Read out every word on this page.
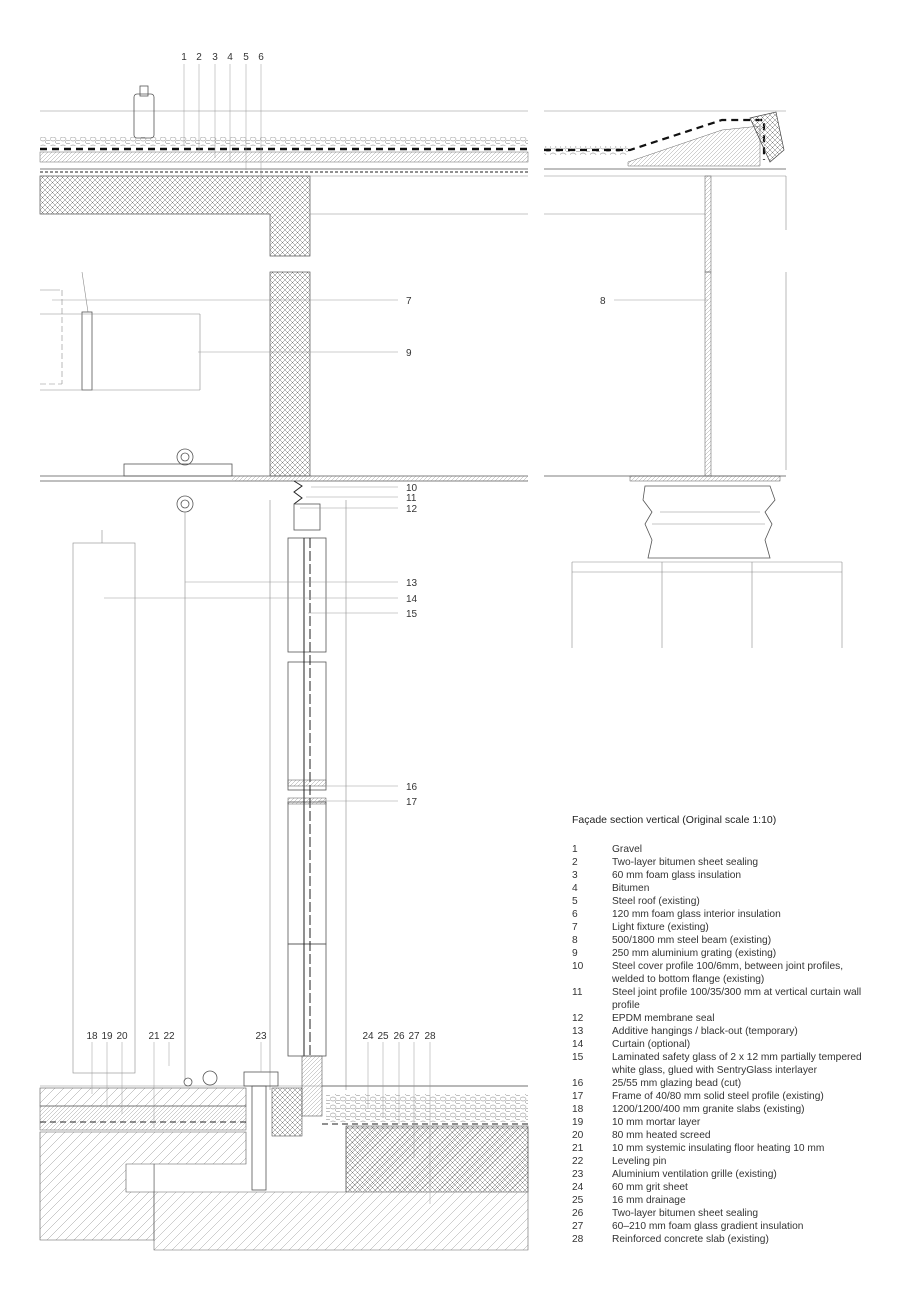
1 2 3 4 5 6
7
9
10
11
12
13
14
15
16
17
8
18 19 20 21 22	23	24 25 26 27 28
Façade section vertical (Original scale 1:10)
1	Gravel
2	Two-layer bitumen sheet sealing
3	60 mm foam glass insulation
4	Bitumen
5	Steel roof (existing)
6	120 mm foam glass interior insulation
7	Light fixture (existing)
8	500/1800 mm steel beam (existing)
9	250 mm aluminium grating (existing)
10	Steel cover profile 100/6mm, between joint profiles, welded to bottom flange (existing)
11	Steel joint profile 100/35/300 mm at vertical curtain wall profile
12	EPDM membrane seal
13	Additive hangings / black-out (temporary)
14	Curtain (optional)
15	Laminated safety glass of 2 x 12 mm partially tempered white glass, glued with SentryGlass interlayer
16	25/55 mm glazing bead (cut)
17	Frame of 40/80 mm solid steel profile (existing)
18	1200/1200/400 mm granite slabs (existing)
19	10 mm mortar layer
20	80 mm heated screed
21	10 mm systemic insulating floor heating 10 mm
22	Leveling pin
23	Aluminium ventilation grille (existing)
24	60 mm grit sheet
25	16 mm drainage
26	Two-layer bitumen sheet sealing
27	60–210 mm foam glass gradient insulation
28	Reinforced concrete slab (existing)
